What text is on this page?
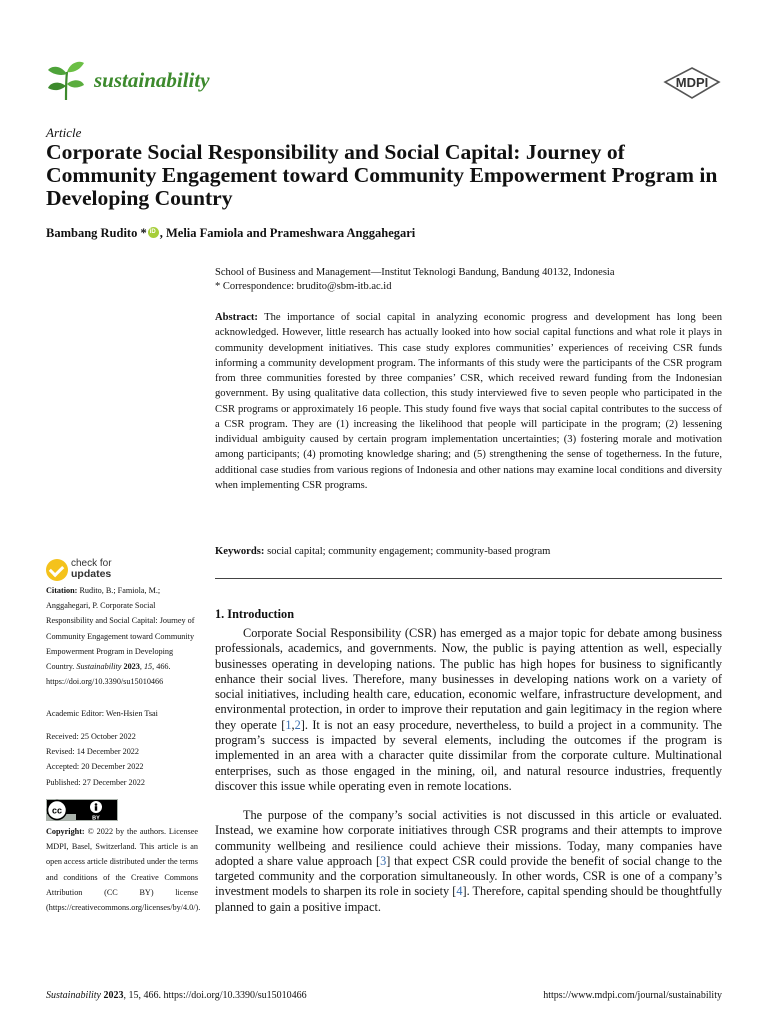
sustainability	MDPI
Article
Corporate Social Responsibility and Social Capital: Journey of Community Engagement toward Community Empowerment Program in Developing Country
Bambang Rudito *iD , Melia Famiola and Prameshwara Anggahegari
School of Business and Management—Institut Teknologi Bandung, Bandung 40132, Indonesia
* Correspondence: brudito@sbm-itb.ac.id
Abstract: The importance of social capital in analyzing economic progress and development has long been acknowledged. However, little research has actually looked into how social capital functions and what role it plays in community development initiatives. This case study explores communities’ experiences of receiving CSR funds informing a community development program. The informants of this study were the participants of the CSR program from three communities forested by three companies’ CSR, which received reward funding from the Indonesian government. By using qualitative data collection, this study interviewed five to seven people who participated in the CSR programs or approximately 16 people. This study found five ways that social capital contributes to the success of a CSR program. They are (1) increasing the likelihood that people will participate in the program; (2) lessening individual ambiguity caused by certain program implementation uncertainties; (3) fostering morale and motivation among participants; (4) promoting knowledge sharing; and (5) strengthening the sense of togetherness. In the future, additional case studies from various regions of Indonesia and other nations may examine local conditions and diversity when implementing CSR programs.
Keywords: social capital; community engagement; community-based program
check for
updates
Citation: Rudito, B.; Famiola, M.; Anggahegari, P. Corporate Social Responsibility and Social Capital: Journey of Community Engagement toward Community Empowerment Program in Developing Country. Sustainability 2023, 15, 466. https://doi.org/10.3390/su15010466
Academic Editor: Wen-Hsien Tsai
Received: 25 October 2022
Revised: 14 December 2022
Accepted: 20 December 2022
Published: 27 December 2022
cc
BY
Copyright: © 2022 by the authors. Licensee MDPI, Basel, Switzerland. This article is an open access article distributed under the terms and conditions of the Creative Commons Attribution (CC BY) license (https://creativecommons.org/licenses/by/4.0/).
1. Introduction

Corporate Social Responsibility (CSR) has emerged as a major topic for debate among business professionals, academics, and governments. Now, the public is paying attention as well, especially businesses operating in developing nations. The public has high hopes for business to significantly enhance their social lives. Therefore, many businesses in developing nations work on a variety of social initiatives, including health care, education, economic welfare, infrastructure development, and environmental protection, in order to improve their reputation and gain legitimacy in the region where they operate [1,2]. It is not an easy procedure, nevertheless, to build a project in a community. The program’s success is impacted by several elements, including the outcomes if the program is implemented in an area with a character quite dissimilar from the corporate culture. Multinational enterprises, such as those engaged in the mining, oil, and natural resource industries, frequently discover this issue while operating even in remote locations.

The purpose of the company’s social activities is not discussed in this article or evaluated. Instead, we examine how corporate initiatives through CSR programs and their attempts to improve community wellbeing and resilience could achieve their missions. Today, many companies have adopted a share value approach [3] that expect CSR could provide the benefit of social change to the targeted community and the corporation simultaneously. In other words, CSR is one of a company’s investment models to sharpen its role in society [4]. Therefore, capital spending should be thoughtfully planned to gain a positive impact.

Sustainability 2023, 15, 466. https://doi.org/10.3390/su15010466	https://www.mdpi.com/journal/sustainability
